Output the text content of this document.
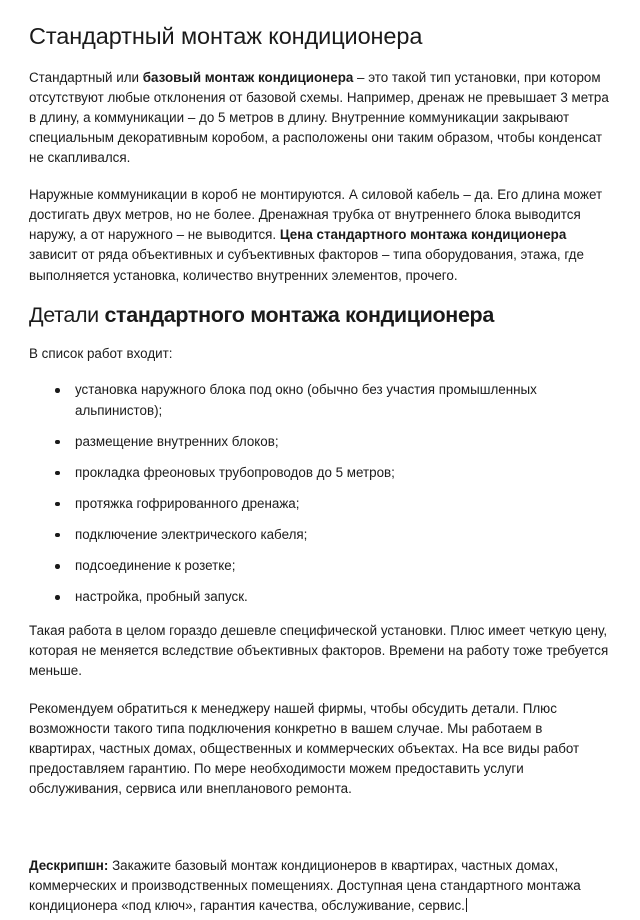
Стандартный монтаж кондиционера

Стандартный или базовый монтаж кондиционера – это такой тип установки, при котором отсутствуют любые отклонения от базовой схемы. Например, дренаж не превышает 3 метра в длину, а коммуникации – до 5 метров в длину. Внутренние коммуникации закрывают специальным декоративным коробом, а расположены они таким образом, чтобы конденсат не скапливался.

Наружные коммуникации в короб не монтируются. А силовой кабель – да. Его длина может достигать двух метров, но не более. Дренажная трубка от внутреннего блока выводится наружу, а от наружного – не выводится. Цена стандартного монтажа кондиционера зависит от ряда объективных и субъективных факторов – типа оборудования, этажа, где выполняется установка, количество внутренних элементов, прочего.

Детали стандартного монтажа кондиционера

В список работ входит:

установка наружного блока под окно (обычно без участия промышленных альпинистов);
размещение внутренних блоков;
прокладка фреоновых трубопроводов до 5 метров;
протяжка гофрированного дренажа;
подключение электрического кабеля;
подсоединение к розетке;
настройка, пробный запуск.

Такая работа в целом гораздо дешевле специфической установки. Плюс имеет четкую цену, которая не меняется вследствие объективных факторов. Времени на работу тоже требуется меньше.

Рекомендуем обратиться к менеджеру нашей фирмы, чтобы обсудить детали. Плюс возможности такого типа подключения конкретно в вашем случае. Мы работаем в квартирах, частных домах, общественных и коммерческих объектах. На все виды работ предоставляем гарантию. По мере необходимости можем предоставить услуги обслуживания, сервиса или внепланового ремонта.

Дескрипшн: Закажите базовый монтаж кондиционеров в квартирах, частных домах, коммерческих и производственных помещениях. Доступная цена стандартного монтажа кондиционера «под ключ», гарантия качества, обслуживание, сервис.
